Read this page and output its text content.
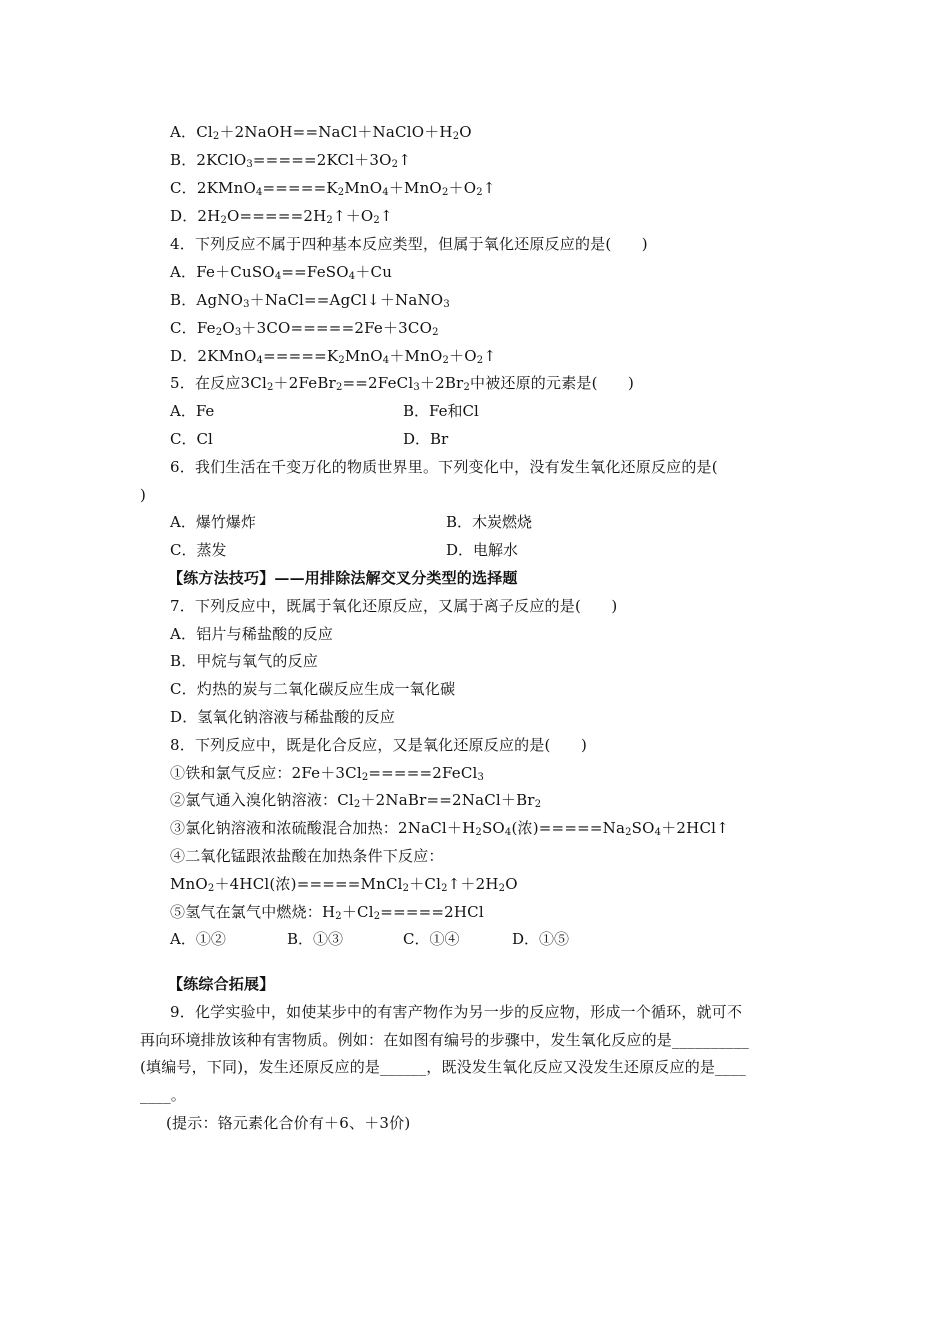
A．$Cl_2+2NaOH==NaCl+NaClO+H_2O$
B．$2KClO_3=====2KCl+3O_2↑$
C．$2KMnO_4=====K_2MnO_4+MnO_2+O_2↑$
D．$2H_2O=====2H_2↑+O_2↑$
4．下列反应不属于四种基本反应类型，但属于氧化还原反应的是(　　)
A．Fe＋CuSO$_4$==FeSO$_4$＋Cu
B．AgNO$_3$＋NaCl==AgCl↓＋NaNO$_3$
C．$Fe_2O_3+3CO=====2Fe+3CO_2$
D．$2KMnO_4=====K_2MnO_4+MnO_2+O_2↑$
5．在反应$3Cl_2+2FeBr_2==2FeCl_3+2Br_2$中被还原的元素是(　　)
A．Fe	B．Fe和Cl
C．Cl	D．Br
6．我们生活在千变万化的物质世界里。下列变化中，没有发生氧化还原反应的是(
)
A．爆竹爆炸	B．木炭燃烧
C．蒸发	D．电解水
【练方法技巧】——用排除法解交叉分类型的选择题
7．下列反应中，既属于氧化还原反应，又属于离子反应的是(　　)
A．铝片与稀盐酸的反应
B．甲烷与氧气的反应
C．灼热的炭与二氧化碳反应生成一氧化碳
D．氢氧化钠溶液与稀盐酸的反应
8．下列反应中，既是化合反应，又是氧化还原反应的是(　　)
①铁和氯气反应：$2Fe+3Cl_2=====2FeCl_3$
②氯气通入溴化钠溶液：$Cl_2+2NaBr==2NaCl+Br_2$
③氯化钠溶液和浓硫酸混合加热：$2NaCl+H_2SO_4$(浓)$=====Na_2SO_4+2HCl↑$
④二氧化锰跟浓盐酸在加热条件下反应：
MnO$_2$＋4HCl(浓)$=====MnCl_2+Cl_2↑+2H_2O$
⑤氢气在氯气中燃烧：$H_2+Cl_2=====2HCl$
A．①②	B．①③	C．①④	D．①⑤
【练综合拓展】
9．化学实验中，如使某步中的有害产物作为另一步的反应物，形成一个循环，就可不
再向环境排放该种有害物质。例如：在如图有编号的步骤中，发生氧化反应的是__________
(填编号，下同)，发生还原反应的是______，既没发生氧化反应又没发生还原反应的是____
____。
(提示：铬元素化合价有＋6、＋3价)
